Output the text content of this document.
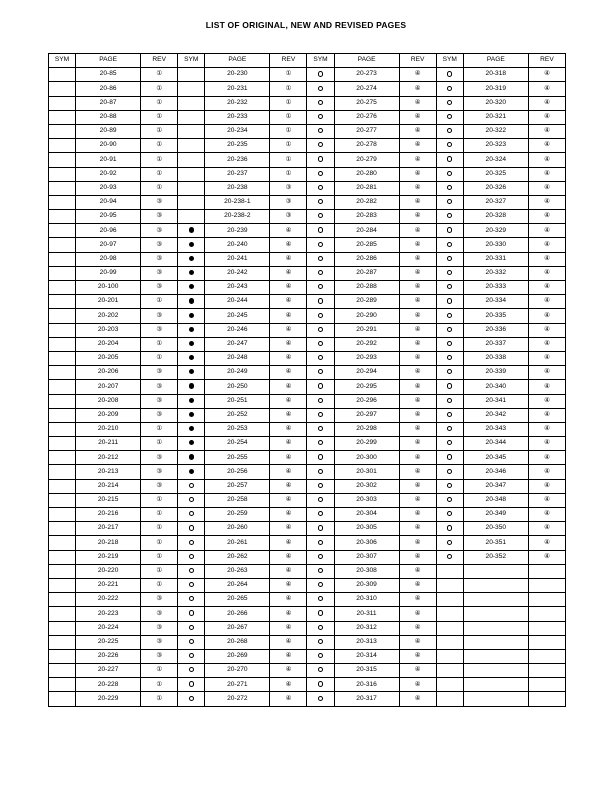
LIST OF ORIGINAL, NEW AND REVISED PAGES
SYM	PAGE	REV	SYM	PAGE	REV	SYM	PAGE	REV	SYM	PAGE	REV
	20-85	①		20-230	①		20-273	④		20-318	④
	20-86	①		20-231	①		20-274	④		20-319	④
	20-87	①		20-232	①		20-275	④		20-320	④
	20-88	①		20-233	①		20-276	④		20-321	④
	20-89	①		20-234	①		20-277	④		20-322	④
	20-90	①		20-235	①		20-278	④		20-323	④
	20-91	①		20-236	①		20-279	④		20-324	④
	20-92	①		20-237	①		20-280	④		20-325	④
	20-93	①		20-238	③		20-281	④		20-326	④
	20-94	③		20-238-1	③		20-282	④		20-327	④
	20-95	③		20-238-2	③		20-283	④		20-328	④
	20-96	③		20-239	④		20-284	④		20-329	④
	20-97	③		20-240	④		20-285	④		20-330	④
	20-98	③		20-241	④		20-286	④		20-331	④
	20-99	③		20-242	④		20-287	④		20-332	④
	20-100	③		20-243	④		20-288	④		20-333	④
	20-201	①		20-244	④		20-289	④		20-334	④
	20-202	③		20-245	④		20-290	④		20-335	④
	20-203	③		20-246	④		20-291	④		20-336	④
	20-204	①		20-247	④		20-292	④		20-337	④
	20-205	①		20-248	④		20-293	④		20-338	④
	20-206	③		20-249	④		20-294	④		20-339	④
	20-207	③		20-250	④		20-295	④		20-340	④
	20-208	③		20-251	④		20-296	④		20-341	④
	20-209	③		20-252	④		20-297	④		20-342	④
	20-210	①		20-253	④		20-298	④		20-343	④
	20-211	①		20-254	④		20-299	④		20-344	④
	20-212	③		20-255	④		20-300	④		20-345	④
	20-213	③		20-256	④		20-301	④		20-346	④
	20-214	③		20-257	④		20-302	④		20-347	④
	20-215	①		20-258	④		20-303	④		20-348	④
	20-216	①		20-259	④		20-304	④		20-349	④
	20-217	①		20-260	④		20-305	④		20-350	④
	20-218	①		20-261	④		20-306	④		20-351	④
	20-219	①		20-262	④		20-307	④		20-352	④
	20-220	①		20-263	④		20-308	④			
	20-221	①		20-264	④		20-309	④			
	20-222	③		20-265	④		20-310	④			
	20-223	③		20-266	④		20-311	④			
	20-224	③		20-267	④		20-312	④			
	20-225	③		20-268	④		20-313	④			
	20-226	③		20-269	④		20-314	④			
	20-227	①		20-270	④		20-315	④			
	20-228	①		20-271	④		20-316	④			
	20-229	①		20-272	④		20-317	④			
